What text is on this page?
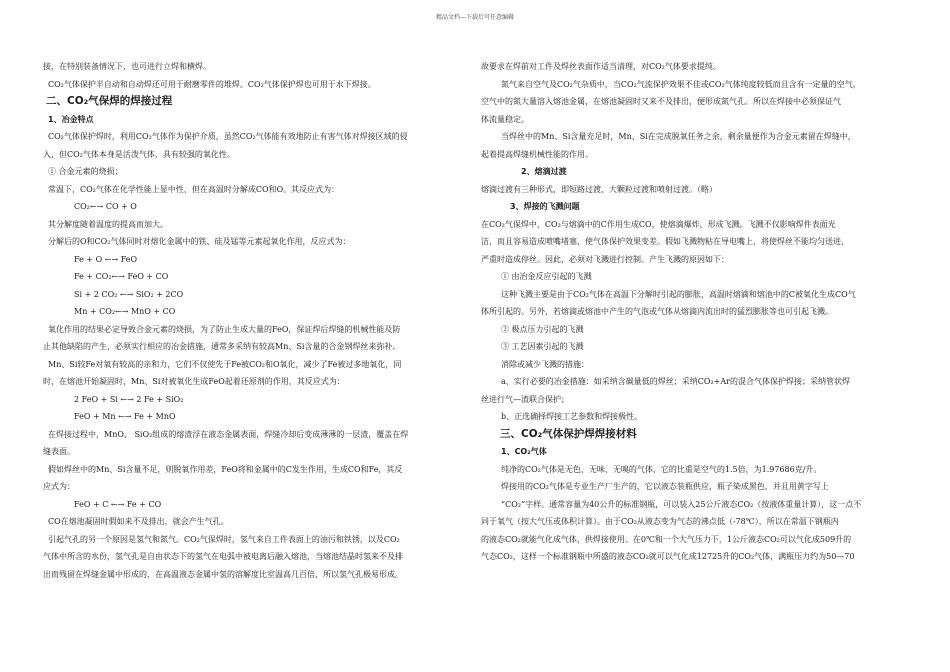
精品文档---下载后可任意编辑

接，在特别装备情况下，也可进行立焊和横焊。

CO₂气体保护半自动和自动焊还可用于耐磨零件的堆焊。CO₂气体保护焊也可用于水下焊接。

二、CO₂气保焊的焊接过程

1、冶金特点

CO₂气体保护焊时，利用CO₂气体作为保护介质，虽然CO₂气体能有效地防止有害气体对焊接区域的侵

入，但CO₂气体本身是活泼气体，具有较强的氧化性。

① 合金元素的烧损；

常温下，CO₂气体在化学性能上显中性，但在高温时分解成CO和O。其反应式为：

CO₂←→ CO + O

其分解度随着温度的提高而加大。

分解后的O和CO₂气体同时对熔化金属中的铁、硅及锰等元素起氧化作用，反应式为：

Fe + O ←→ FeO

Fe + CO₂←→ FeO + CO

Si + 2 CO₂ ←→ SiO₂ + 2CO

Mn + CO₂←→ MnO + CO

氧化作用的结果必定导致合金元素的烧损，为了防止生成大量的FeO，保证焊后焊缝的机械性能及防

止其他缺陷的产生，必须实行相应的冶金措施，通常多采纳有较高Mn、Si含量的合金钢焊丝来弥补。

Mn、Si较Fe对氧有较高的亲和力，它们不仅使先于Fe被CO₂和O氧化，减少了Fe被过多地氧化，同

时，在熔池开始凝固时，Mn、Si对被氧化生成FeO起着还原剂的作用，其反应式为：

2 FeO + Si ←→ 2 Fe + SiO₂

FeO + Mn ←→ Fe + MnO

在焊接过程中，MnO、 SiO₂组成的熔渣浮在液态金属表面，焊缝冷却后变成薄薄的一层渣，覆盖在焊

缝表面。

假如焊丝中的Mn、Si含量不足，则脱氧作用差，FeO将和金属中的C发生作用，生成CO和Fe，其反

应式为：

FeO + C ←→ Fe + CO

CO在熔池凝固时假如来不及排出，就会产生气孔。

引起气孔的另一个原因是氢气和氮气。CO₂气保焊时，氢气来自工件表面上的油污和铁锈，以及CO₂

气体中所含的水份，氢气孔是自由状态下的氢气在电弧中被电离后融入熔池，当熔池结晶时氢来不及排

出而残留在焊缝金属中形成的，在高温液态金属中氢的溶解度比室温高几百倍，所以氢气孔极易形成。

故要求在焊前对工件及焊丝表面作适当清理，对CO₂气体要求提纯。

氮气来自空气及CO₂气杂质中，当CO₂气流保护效果不佳或CO₂气体纯度较低而且含有一定量的空气，

空气中的氮大量溶入熔池金属，在熔池凝固时又来不及排出，便形成氮气孔。所以在焊接中必须保证气

体流量稳定。

当焊丝中的Mn、Si含量充足时，Mn、Si在完成脱氧任务之余，剩余量便作为合金元素留在焊缝中，

起着提高焊缝机械性能的作用。

2、熔滴过渡

熔滴过渡有三种形式，即短路过渡、大颗粒过渡和喷射过渡。（略）

3、焊接的飞溅问题

在CO₂气保焊中，CO₂与熔滴中的C作用生成CO，使熔滴爆炸，形成飞溅。飞溅不仅影响焊件表面光

洁，而且容易造成喷嘴堵塞，使气体保护效果变差。假如飞溅物粘在导电嘴上，将使焊丝不能均匀送进，

严重时造成停丝。因此，必须对飞溅进行控制。产生飞溅的原因如下：

① 由冶金反应引起的飞溅

这种飞溅主要是由于CO₂气体在高温下分解时引起的膨胀，高温时熔滴和熔池中的C被氧化生成CO气

体所引起的。另外，若熔滴或熔池中产生的气泡或气体从熔滴内流出时的猛烈膨胀等也可引起飞溅。

② 极点压力引起的飞溅

③ 工艺因素引起的飞溅

消除或减少飞溅的措施：

a、实行必要的冶金措施：如采纳含碳量低的焊丝；采纳CO₂+Ar的混合气体保护焊接；采纳管状焊

丝进行气—渣联合保护；

b、正选确择焊接工艺参数和焊接极性。

三、CO₂气体保护焊焊接材料

1、CO₂气体

纯净的CO₂气体是无色、无味、无嗅的气体，它的比重是空气的1.5倍，为1.97686克/升。

焊接用的CO₂气体是专业生产厂生产的，它以液态装瓶供应，瓶子染成黑色，并且用黄字写上

“CO₂”字样。通常容量为40公升的标准钢瓶，可以装入25公斤液态CO₂（按液体重量计算），这一点不

同于氧气（按大气压或体积计算）。由于CO₂从液态变为气态的沸点低（-78℃），所以在常温下钢瓶内

的液态CO₂就能气化成气体，供焊接使用。在0℃和一个大气压力下，1公斤液态CO₂可以气化成509升的

气态CO₂，这样一个标准钢瓶中所盛的液态CO₂就可以气化成12725升的CO₂气体，满瓶压力约为50—70
